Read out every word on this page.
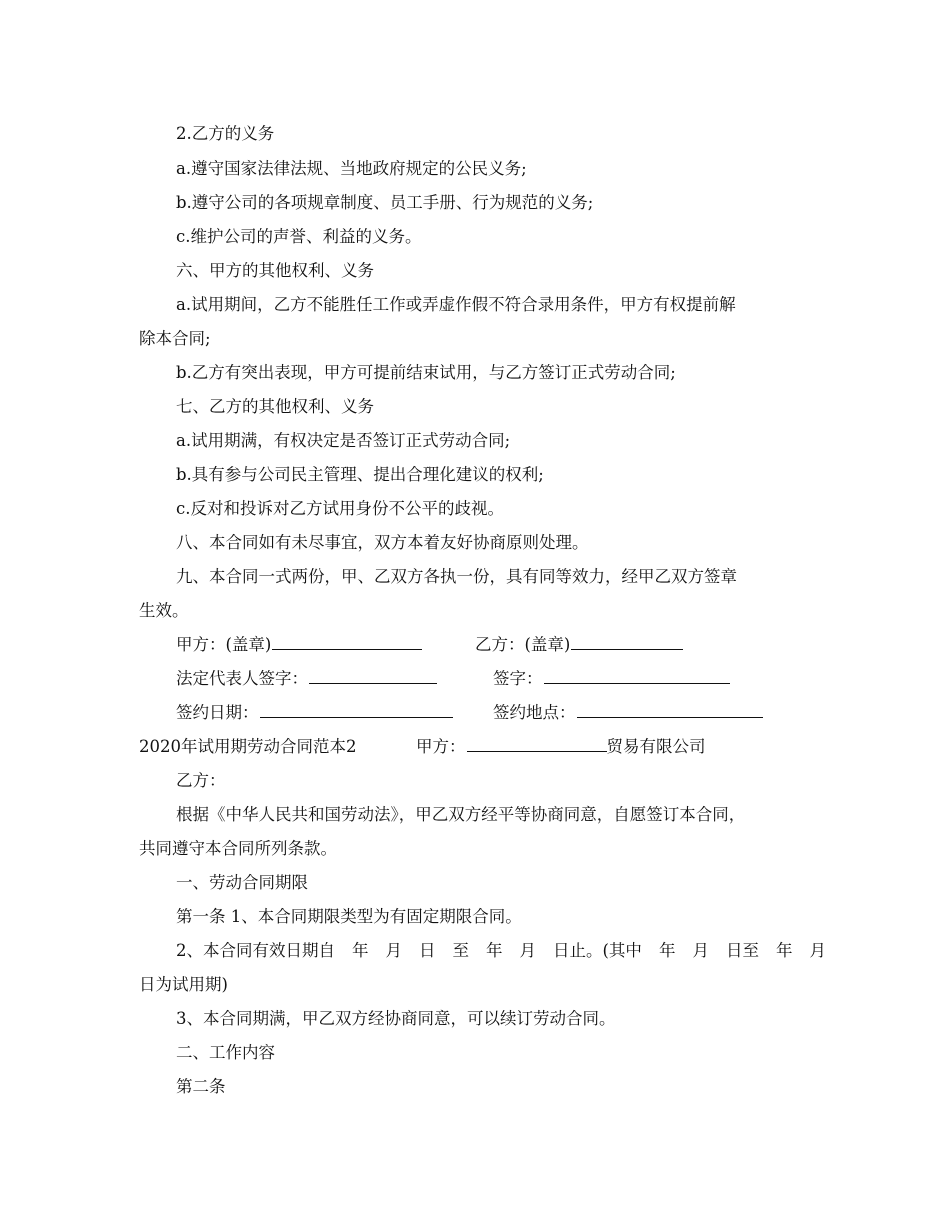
2.乙方的义务
a.遵守国家法律法规、当地政府规定的公民义务;
b.遵守公司的各项规章制度、员工手册、行为规范的义务;
c.维护公司的声誉、利益的义务。
六、甲方的其他权利、义务
a.试用期间，乙方不能胜任工作或弄虚作假不符合录用条件，甲方有权提前解
除本合同;
b.乙方有突出表现，甲方可提前结束试用，与乙方签订正式劳动合同;
七、乙方的其他权利、义务
a.试用期满，有权决定是否签订正式劳动合同;
b.具有参与公司民主管理、提出合理化建议的权利;
c.反对和投诉对乙方试用身份不公平的歧视。
八、本合同如有未尽事宜，双方本着友好协商原则处理。
九、本合同一式两份，甲、乙双方各执一份，具有同等效力，经甲乙双方签章
生效。
甲方：(盖章)	乙方：(盖章)
法定代表人签字：	签字：
签约日期：	签约地点：
2020年试用期劳动合同范本2	甲方：	贸易有限公司
乙方：
根据《中华人民共和国劳动法》，甲乙双方经平等协商同意，自愿签订本合同，
共同遵守本合同所列条款。
一、劳动合同期限
第一条 1、本合同期限类型为有固定期限合同。
2、本合同有效日期自 年 月 日 至 年 月 日止。(其中 年 月 日至 年 月
日为试用期)
3、本合同期满，甲乙双方经协商同意，可以续订劳动合同。
二、工作内容
第二条
